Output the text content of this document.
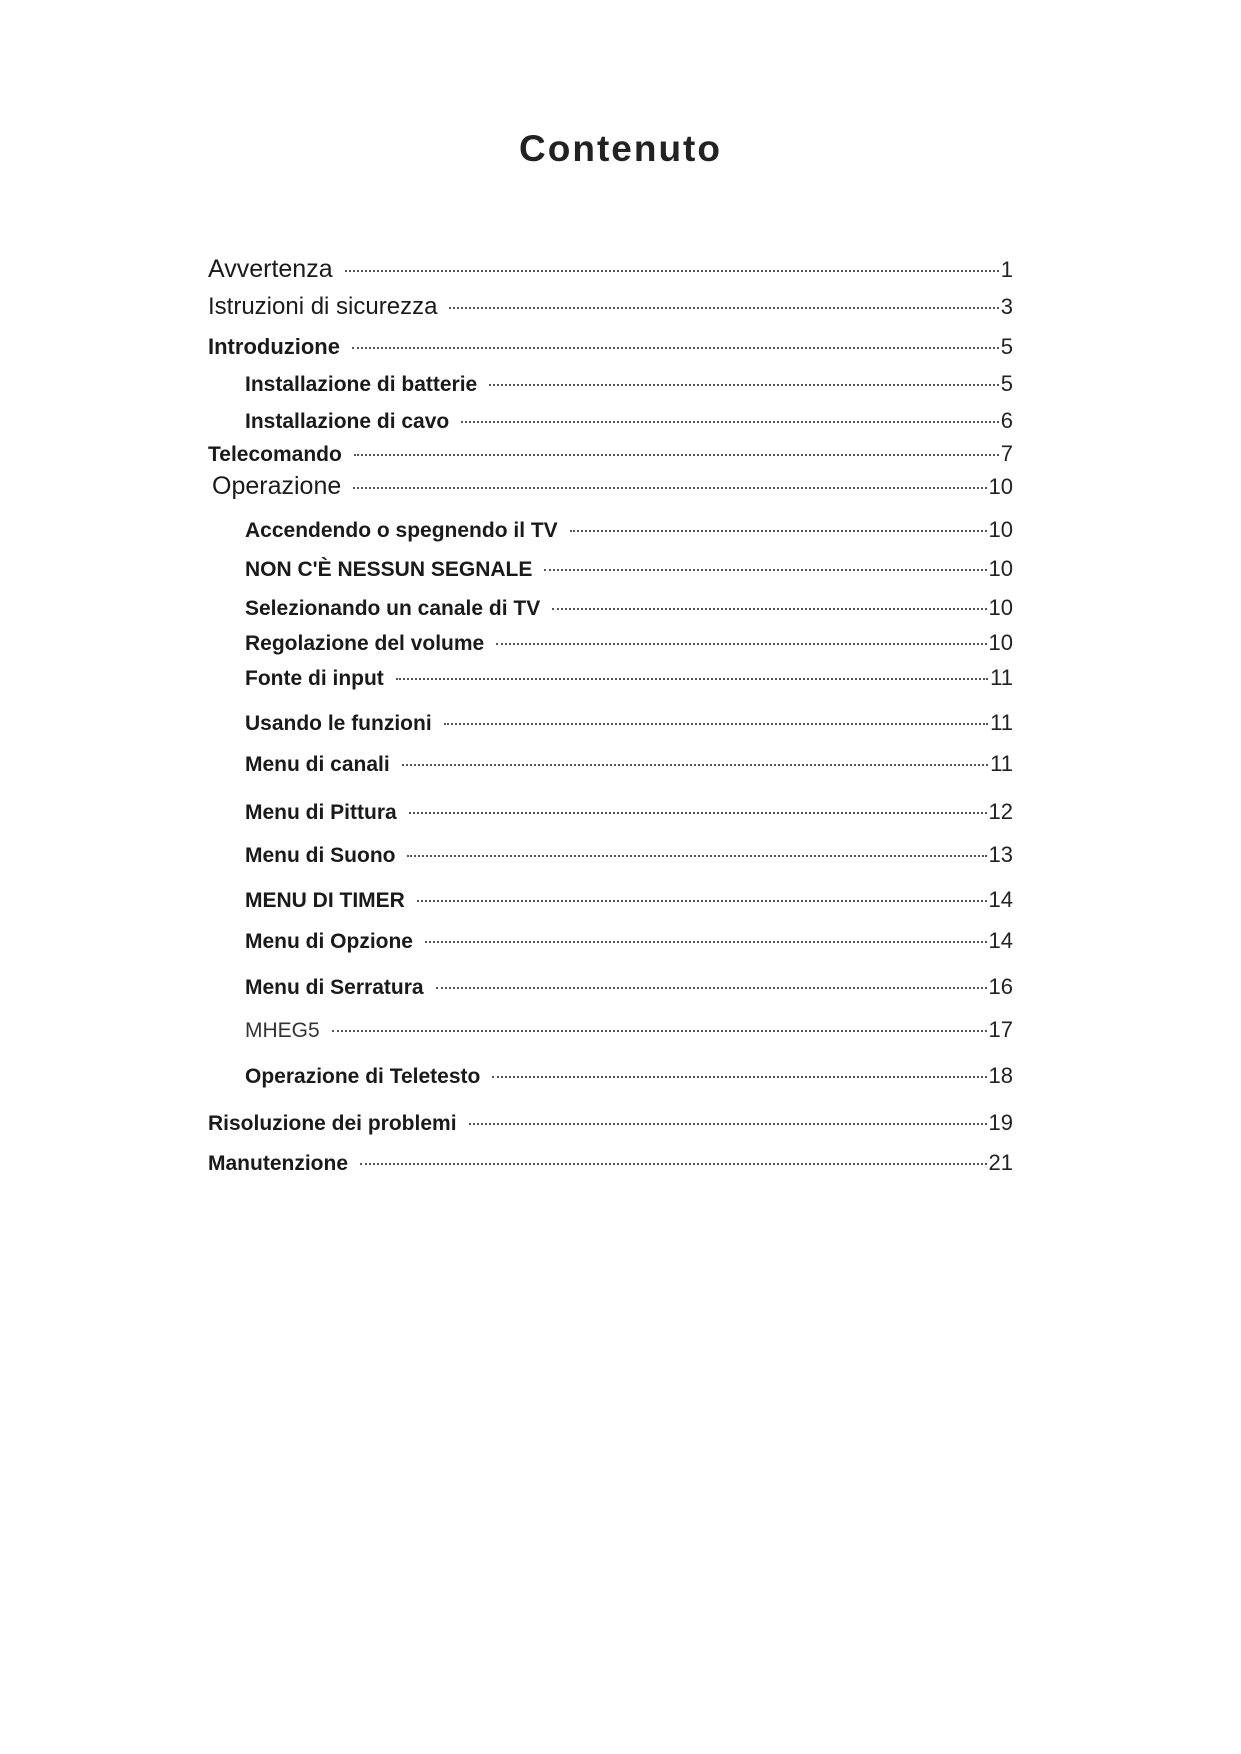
Contenuto
Avvertenza	1
Istruzioni di sicurezza	3
Introduzione	5
Installazione di batterie	5
Installazione di cavo	6
Telecomando	7
Operazione	10
Accendendo o spegnendo il TV	10
NON C'È NESSUN SEGNALE	10
Selezionando un canale di TV	10
Regolazione del volume	10
Fonte di input	11
Usando le funzioni	11
Menu di canali	11
Menu di Pittura	12
Menu di Suono	13
MENU DI TIMER	14
Menu di Opzione	14
Menu di Serratura	16
MHEG5	17
Operazione di Teletesto	18
Risoluzione dei problemi	19
Manutenzione	21
